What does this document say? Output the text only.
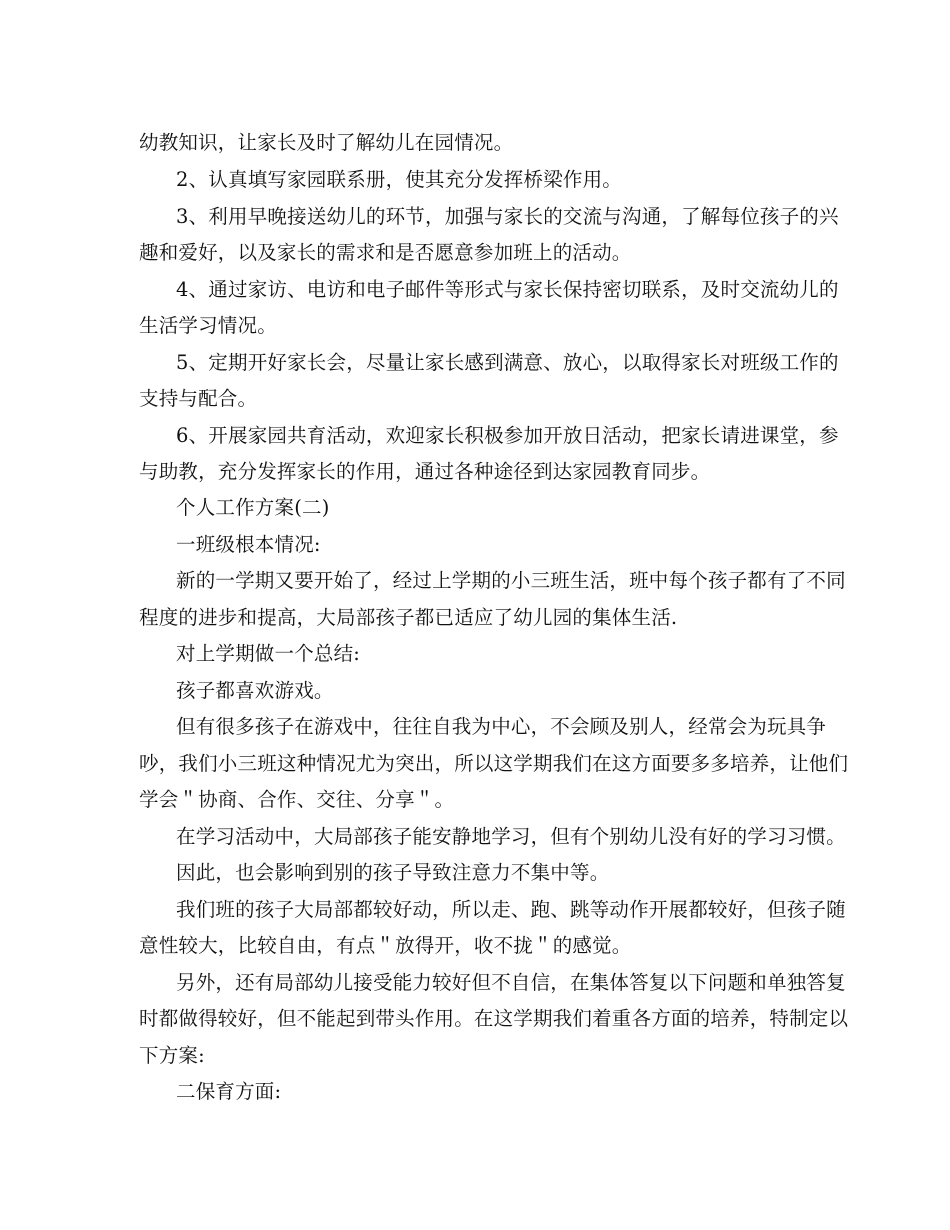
幼教知识，让家长及时了解幼儿在园情况。
2、认真填写家园联系册，使其充分发挥桥梁作用。
3、利用早晚接送幼儿的环节，加强与家长的交流与沟通，了解每位孩子的兴
趣和爱好，以及家长的需求和是否愿意参加班上的活动。
4、通过家访、电访和电子邮件等形式与家长保持密切联系，及时交流幼儿的
生活学习情况。
5、定期开好家长会，尽量让家长感到满意、放心，以取得家长对班级工作的
支持与配合。
6、开展家园共育活动，欢迎家长积极参加开放日活动，把家长请进课堂，参
与助教，充分发挥家长的作用，通过各种途径到达家园教育同步。
个人工作方案(二)
一班级根本情况:
新的一学期又要开始了，经过上学期的小三班生活，班中每个孩子都有了不同
程度的进步和提高，大局部孩子都已适应了幼儿园的集体生活.
对上学期做一个总结:
孩子都喜欢游戏。
但有很多孩子在游戏中，往往自我为中心，不会顾及别人，经常会为玩具争
吵，我们小三班这种情况尤为突出，所以这学期我们在这方面要多多培养，让他们
学会＂协商、合作、交往、分享＂。
在学习活动中，大局部孩子能安静地学习，但有个别幼儿没有好的学习习惯。
因此，也会影响到别的孩子导致注意力不集中等。
我们班的孩子大局部都较好动，所以走、跑、跳等动作开展都较好，但孩子随
意性较大，比较自由，有点＂放得开，收不拢＂的感觉。
另外，还有局部幼儿接受能力较好但不自信，在集体答复以下问题和单独答复
时都做得较好，但不能起到带头作用。在这学期我们着重各方面的培养，特制定以
下方案:
二保育方面:
